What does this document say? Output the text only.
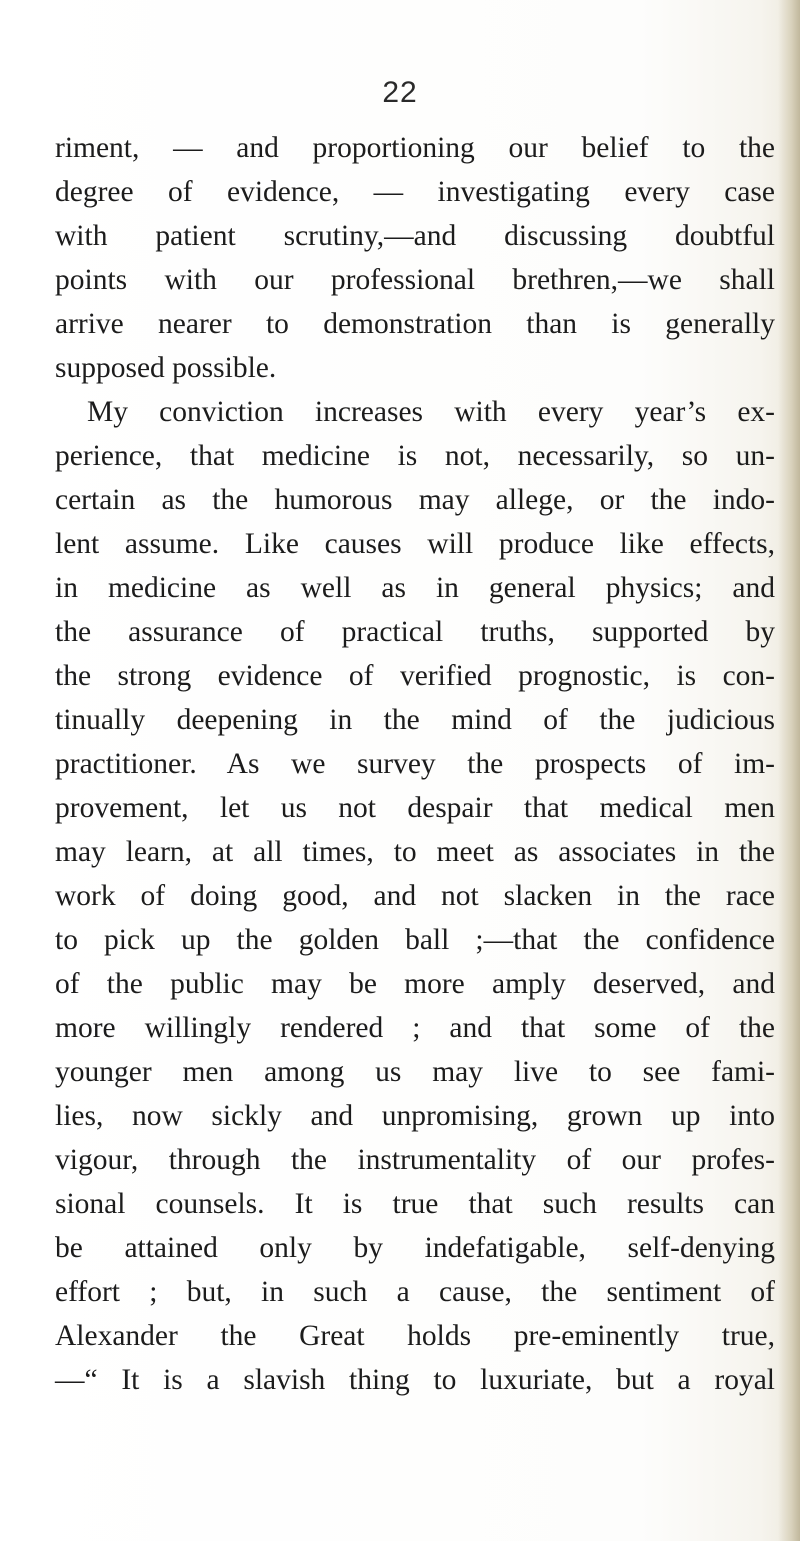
22
riment, — and proportioning our belief to the
degree of evidence, — investigating every case
with patient scrutiny,—and discussing doubtful
points with our professional brethren,—we shall
arrive nearer to demonstration than is generally
supposed possible.
My conviction increases with every year’s ex-
perience, that medicine is not, necessarily, so un-
certain as the humorous may allege, or the indo-
lent assume. Like causes will produce like effects,
in medicine as well as in general physics; and
the assurance of practical truths, supported by
the strong evidence of verified prognostic, is con-
tinually deepening in the mind of the judicious
practitioner. As we survey the prospects of im-
provement, let us not despair that medical men
may learn, at all times, to meet as associates in the
work of doing good, and not slacken in the race
to pick up the golden ball ;—that the confidence
of the public may be more amply deserved, and
more willingly rendered ; and that some of the
younger men among us may live to see fami-
lies, now sickly and unpromising, grown up into
vigour, through the instrumentality of our profes-
sional counsels. It is true that such results can
be attained only by indefatigable, self-denying
effort ; but, in such a cause, the sentiment of
Alexander the Great holds pre-eminently true,
—“ It is a slavish thing to luxuriate, but a royal
